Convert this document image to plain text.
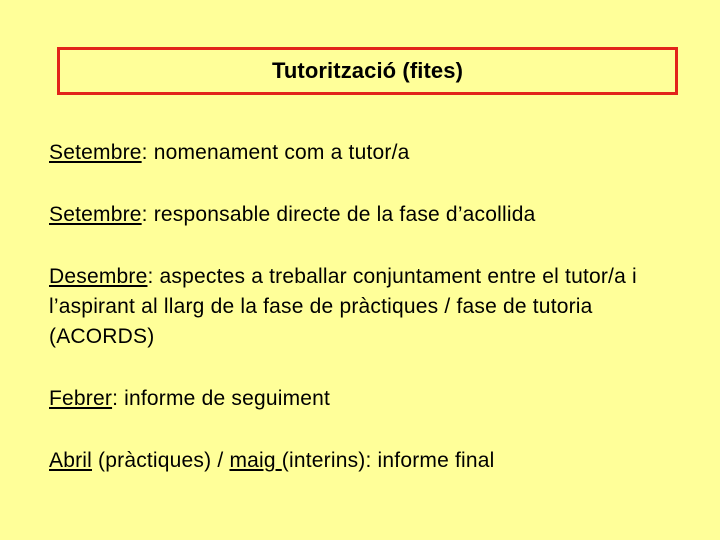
Tutorització (fites)
Setembre: nomenament com a tutor/a
Setembre: responsable directe de la fase d’acollida
Desembre: aspectes a treballar conjuntament entre el tutor/a i l’aspirant al llarg de la fase de pràctiques / fase de tutoria (ACORDS)
Febrer: informe de seguiment
Abril (pràctiques) / maig (interins): informe final
